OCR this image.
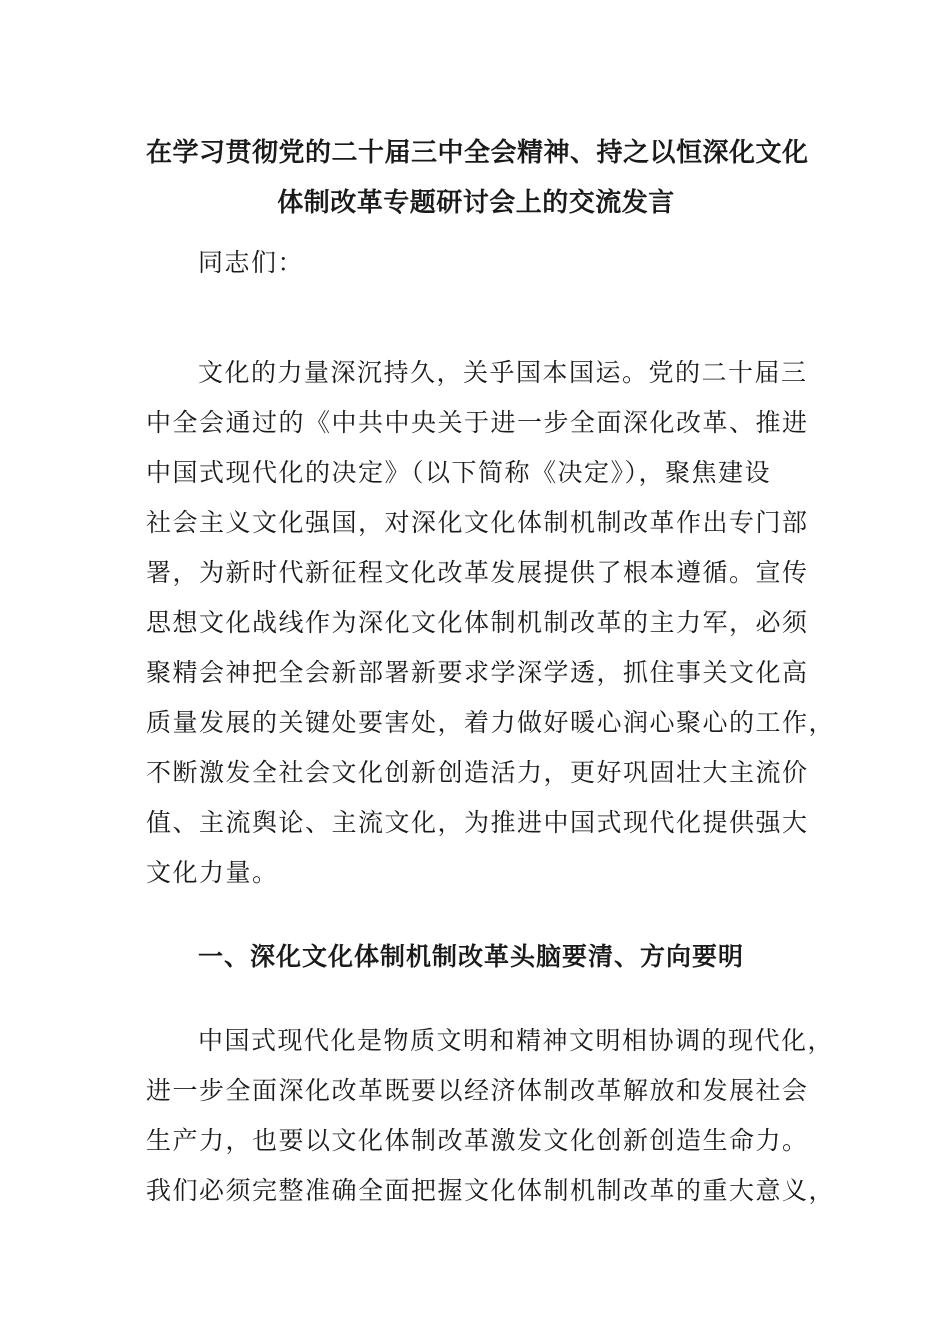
在学习贯彻党的二十届三中全会精神、持之以恒深化文化
体制改革专题研讨会上的交流发言
同志们：
文化的力量深沉持久，关乎国本国运。党的二十届三
中全会通过的《中共中央关于进一步全面深化改革、推进
中国式现代化的决定》（以下简称《决定》），聚焦建设
社会主义文化强国，对深化文化体制机制改革作出专门部
署，为新时代新征程文化改革发展提供了根本遵循。宣传
思想文化战线作为深化文化体制机制改革的主力军，必须
聚精会神把全会新部署新要求学深学透，抓住事关文化高
质量发展的关键处要害处，着力做好暖心润心聚心的工作，
不断激发全社会文化创新创造活力，更好巩固壮大主流价
值、主流舆论、主流文化，为推进中国式现代化提供强大
文化力量。
一、深化文化体制机制改革头脑要清、方向要明
中国式现代化是物质文明和精神文明相协调的现代化，
进一步全面深化改革既要以经济体制改革解放和发展社会
生产力，也要以文化体制改革激发文化创新创造生命力。
我们必须完整准确全面把握文化体制机制改革的重大意义，
